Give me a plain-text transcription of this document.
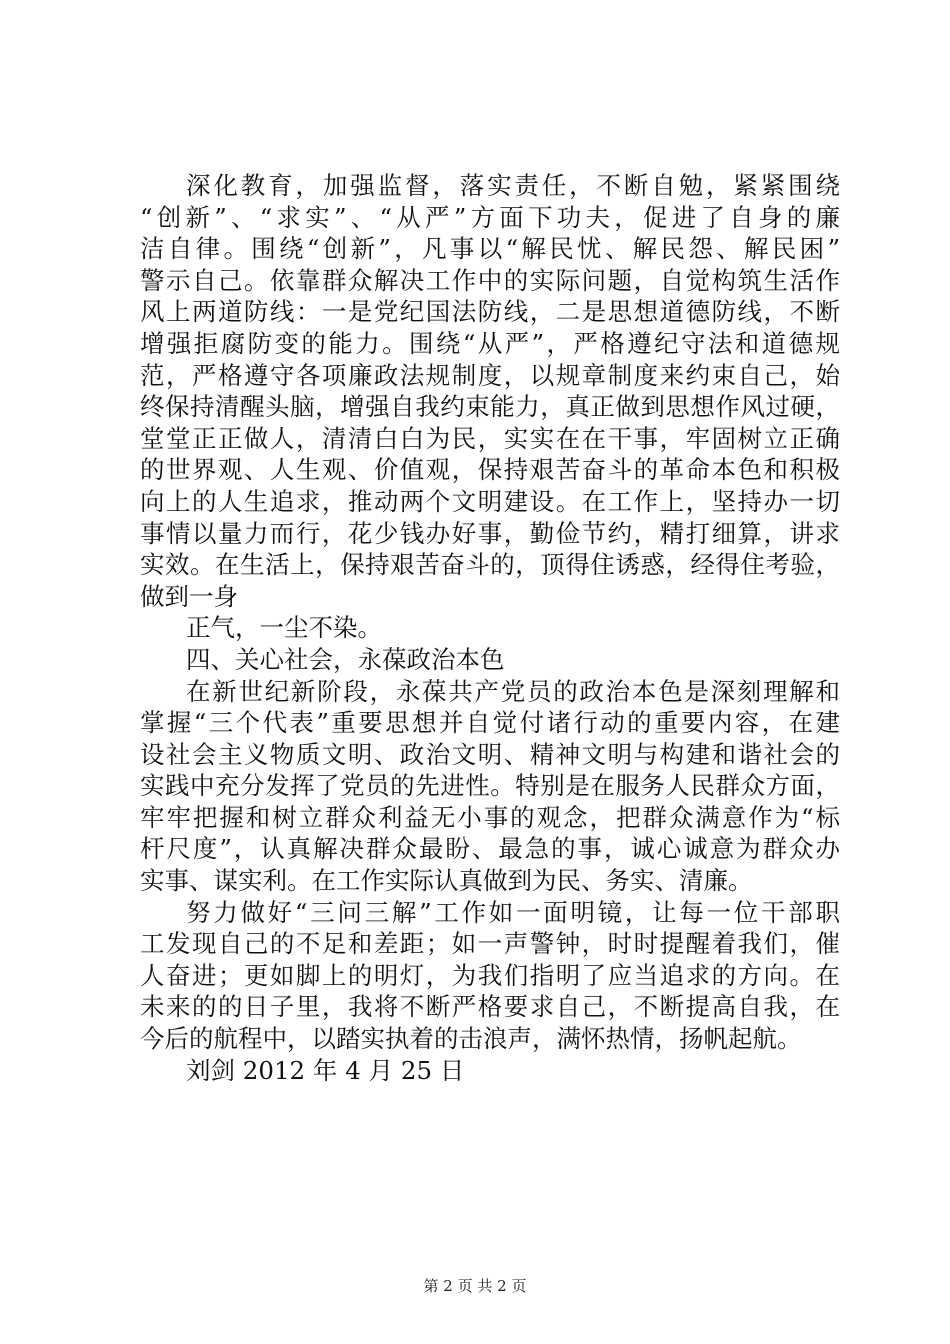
深化教育，加强监督，落实责任，不断自勉，紧紧围绕
“创新”、“求实”、“从严”方面下功夫，促进了自身的廉
洁自律。围绕“创新”，凡事以“解民忧、解民怨、解民困”
警示自己。依靠群众解决工作中的实际问题，自觉构筑生活作
风上两道防线：一是党纪国法防线，二是思想道德防线，不断
增强拒腐防变的能力。围绕“从严”，严格遵纪守法和道德规
范，严格遵守各项廉政法规制度，以规章制度来约束自己，始
终保持清醒头脑，增强自我约束能力，真正做到思想作风过硬，
堂堂正正做人，清清白白为民，实实在在干事，牢固树立正确
的世界观、人生观、价值观，保持艰苦奋斗的革命本色和积极
向上的人生追求，推动两个文明建设。在工作上，坚持办一切
事情以量力而行，花少钱办好事，勤俭节约，精打细算，讲求
实效。在生活上，保持艰苦奋斗的，顶得住诱惑，经得住考验，
做到一身
正气，一尘不染。
四、关心社会，永葆政治本色
在新世纪新阶段，永葆共产党员的政治本色是深刻理解和
掌握“三个代表”重要思想并自觉付诸行动的重要内容，在建
设社会主义物质文明、政治文明、精神文明与构建和谐社会的
实践中充分发挥了党员的先进性。特别是在服务人民群众方面，
牢牢把握和树立群众利益无小事的观念，把群众满意作为“标
杆尺度”，认真解决群众最盼、最急的事，诚心诚意为群众办
实事、谋实利。在工作实际认真做到为民、务实、清廉。
努力做好“三问三解”工作如一面明镜，让每一位干部职
工发现自己的不足和差距；如一声警钟，时时提醒着我们，催
人奋进；更如脚上的明灯，为我们指明了应当追求的方向。在
未来的的日子里，我将不断严格要求自己，不断提高自我，在
今后的航程中，以踏实执着的击浪声，满怀热情，扬帆起航。
刘剑 2012 年 4 月 25 日
第 2 页 共 2 页
